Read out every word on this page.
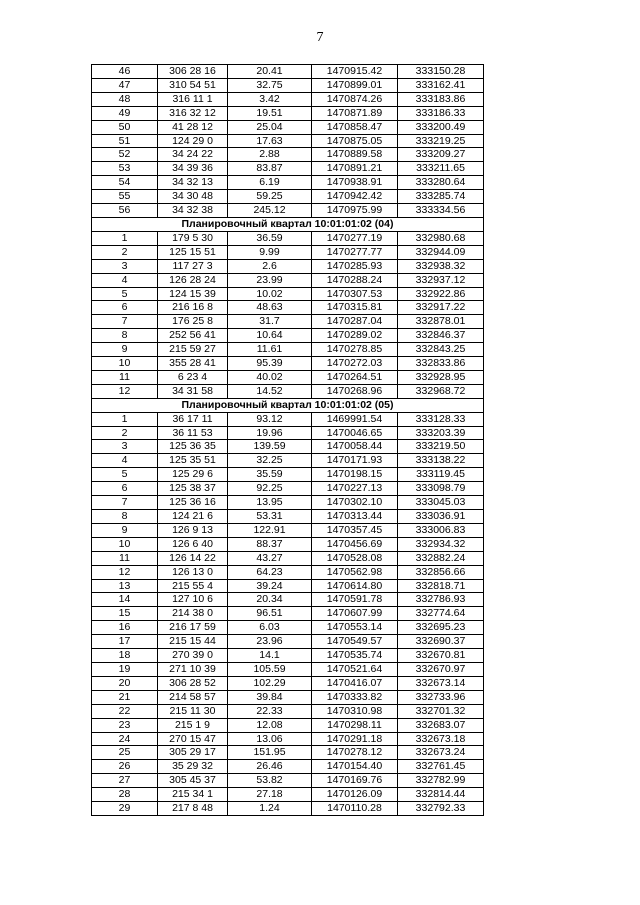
7
46	306 28 16	20.41	1470915.42	333150.28
47	310 54 51	32.75	1470899.01	333162.41
48	316 11 1	3.42	1470874.26	333183.86
49	316 32 12	19.51	1470871.89	333186.33
50	41 28 12	25.04	1470858.47	333200.49
51	124 29 0	17.63	1470875.05	333219.25
52	34 24 22	2.88	1470889.58	333209.27
53	34 39 36	83.87	1470891.21	333211.65
54	34 32 13	6.19	1470938.91	333280.64
55	34 30 48	59.25	1470942.42	333285.74
56	34 32 38	245.12	1470975.99	333334.56
Планировочный квартал 10:01:01:02 (04)				
1	179 5 30	36.59	1470277.19	332980.68
2	125 15 51	9.99	1470277.77	332944.09
3	117 27 3	2.6	1470285.93	332938.32
4	126 28 24	23.99	1470288.24	332937.12
5	124 15 39	10.02	1470307.53	332922.86
6	216 16 8	48.63	1470315.81	332917.22
7	176 25 8	31.7	1470287.04	332878.01
8	252 56 41	10.64	1470289.02	332846.37
9	215 59 27	11.61	1470278.85	332843.25
10	355 28 41	95.39	1470272.03	332833.86
11	6 23 4	40.02	1470264.51	332928.95
12	34 31 58	14.52	1470268.96	332968.72
Планировочный квартал 10:01:01:02 (05)				
1	36 17 11	93.12	1469991.54	333128.33
2	36 11 53	19.96	1470046.65	333203.39
3	125 36 35	139.59	1470058.44	333219.50
4	125 35 51	32.25	1470171.93	333138.22
5	125 29 6	35.59	1470198.15	333119.45
6	125 38 37	92.25	1470227.13	333098.79
7	125 36 16	13.95	1470302.10	333045.03
8	124 21 6	53.31	1470313.44	333036.91
9	126 9 13	122.91	1470357.45	333006.83
10	126 6 40	88.37	1470456.69	332934.32
11	126 14 22	43.27	1470528.08	332882.24
12	126 13 0	64.23	1470562.98	332856.66
13	215 55 4	39.24	1470614.80	332818.71
14	127 10 6	20.34	1470591.78	332786.93
15	214 38 0	96.51	1470607.99	332774.64
16	216 17 59	6.03	1470553.14	332695.23
17	215 15 44	23.96	1470549.57	332690.37
18	270 39 0	14.1	1470535.74	332670.81
19	271 10 39	105.59	1470521.64	332670.97
20	306 28 52	102.29	1470416.07	332673.14
21	214 58 57	39.84	1470333.82	332733.96
22	215 11 30	22.33	1470310.98	332701.32
23	215 1 9	12.08	1470298.11	332683.07
24	270 15 47	13.06	1470291.18	332673.18
25	305 29 17	151.95	1470278.12	332673.24
26	35 29 32	26.46	1470154.40	332761.45
27	305 45 37	53.82	1470169.76	332782.99
28	215 34 1	27.18	1470126.09	332814.44
29	217 8 48	1.24	1470110.28	332792.33
